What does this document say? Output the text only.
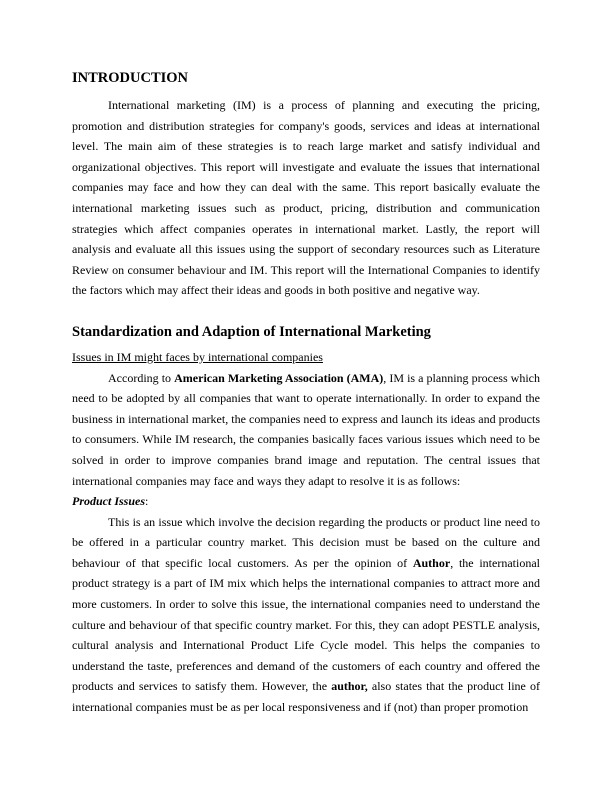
INTRODUCTION

International marketing (IM) is a process of planning and executing the pricing, promotion and distribution strategies for company's goods, services and ideas at international level. The main aim of these strategies is to reach large market and satisfy individual and organizational objectives. This report will investigate and evaluate the issues that international companies may face and how they can deal with the same. This report basically evaluate the international marketing issues such as product, pricing, distribution and communication strategies which affect companies operates in international market. Lastly, the report will analysis and evaluate all this issues using the support of secondary resources such as Literature Review on consumer behaviour and IM. This report will the International Companies to identify the factors which may affect their ideas and goods in both positive and negative way.

Standardization and Adaption of International Marketing

Issues in IM might faces by international companies

According to American Marketing Association (AMA), IM is a planning process which need to be adopted by all companies that want to operate internationally. In order to expand the business in international market, the companies need to express and launch its ideas and products to consumers. While IM research, the companies basically faces various issues which need to be solved in order to improve companies brand image and reputation. The central issues that international companies may face and ways they adapt to resolve it is as follows:

Product Issues:

This is an issue which involve the decision regarding the products or product line need to be offered in a particular country market. This decision must be based on the culture and behaviour of that specific local customers. As per the opinion of Author, the international product strategy is a part of IM mix which helps the international companies to attract more and more customers. In order to solve this issue, the international companies need to understand the culture and behaviour of that specific country market. For this, they can adopt PESTLE analysis, cultural analysis and International Product Life Cycle model. This helps the companies to understand the taste, preferences and demand of the customers of each country and offered the products and services to satisfy them. However, the author, also states that the product line of international companies must be as per local responsiveness and if (not) than proper promotion
